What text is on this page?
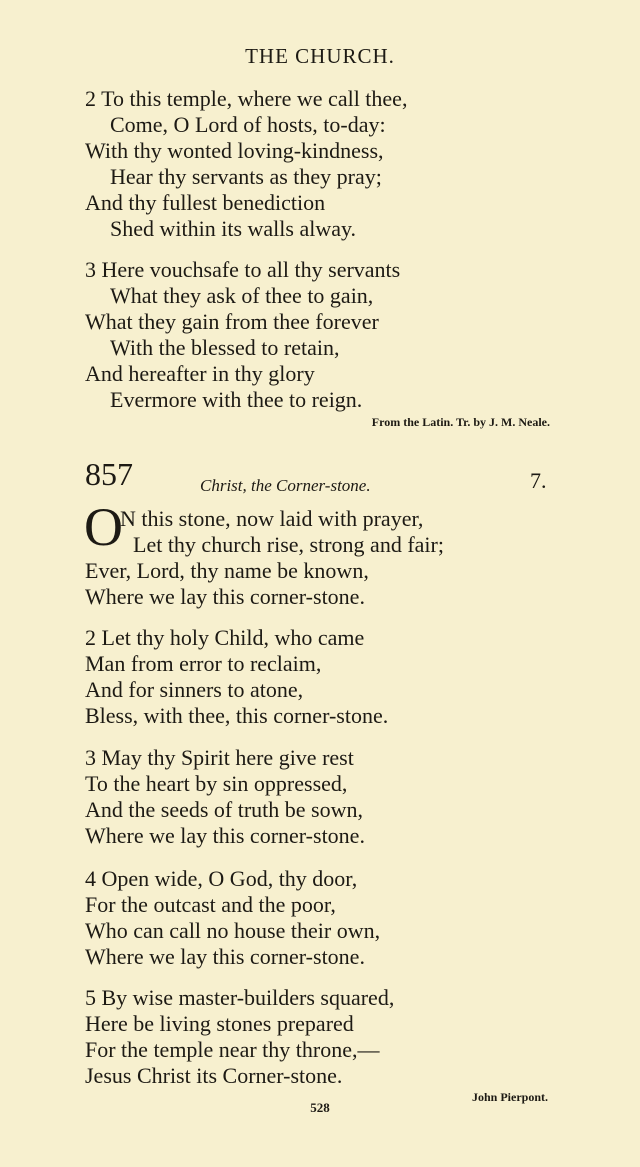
THE CHURCH.
2 To this temple, where we call thee,
Come, O Lord of hosts, to-day:
With thy wonted loving-kindness,
Hear thy servants as they pray;
And thy fullest benediction
Shed within its walls alway.
3 Here vouchsafe to all thy servants
What they ask of thee to gain,
What they gain from thee forever
With the blessed to retain,
And hereafter in thy glory
Evermore with thee to reign.
From the Latin. Tr. by J. M. Neale.
857	Christ, the Corner-stone.	7.
O
N this stone, now laid with prayer,
Let thy church rise, strong and fair;
Ever, Lord, thy name be known,
Where we lay this corner-stone.
2 Let thy holy Child, who came
Man from error to reclaim,
And for sinners to atone,
Bless, with thee, this corner-stone.
3 May thy Spirit here give rest
To the heart by sin oppressed,
And the seeds of truth be sown,
Where we lay this corner-stone.
4 Open wide, O God, thy door,
For the outcast and the poor,
Who can call no house their own,
Where we lay this corner-stone.
5 By wise master-builders squared,
Here be living stones prepared
For the temple near thy throne,—
Jesus Christ its Corner-stone.
John Pierpont.
528
